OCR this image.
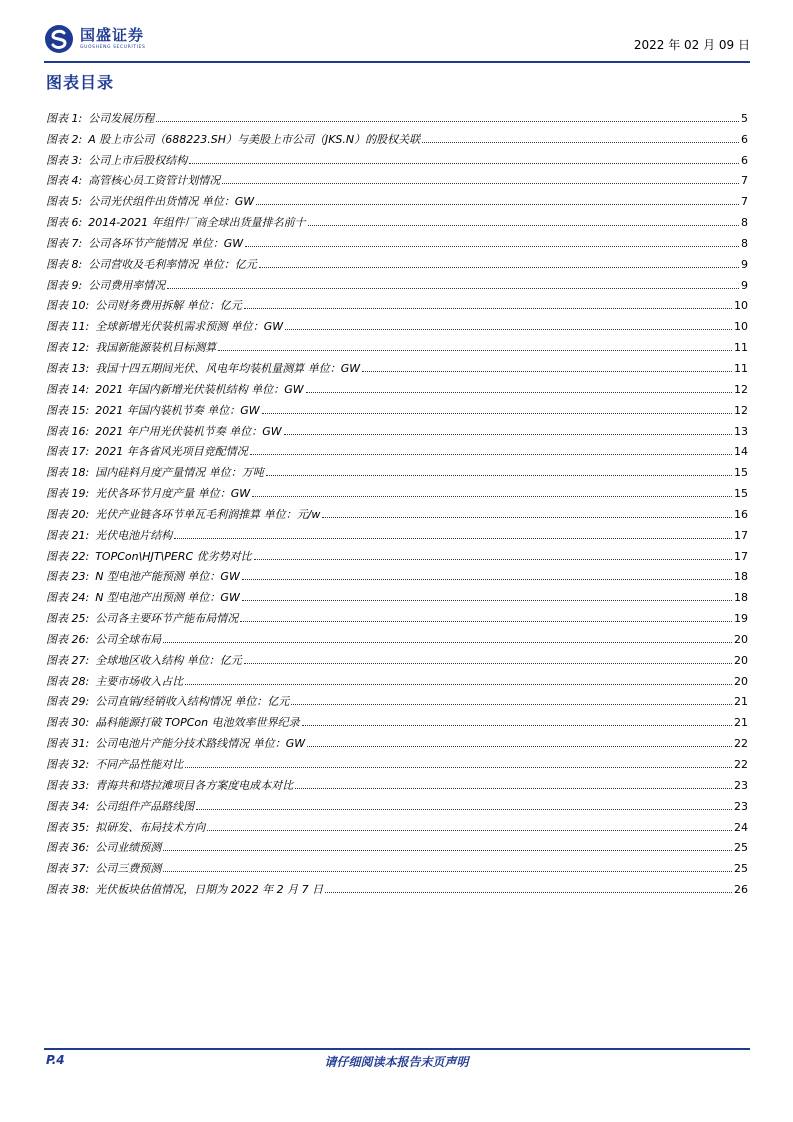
国盛证券
GUOSHENG SECURITIES	2022 年 02 月 09 日
图表目录
图表 1: 公司发展历程	5
图表 2: A 股上市公司（688223.SH）与美股上市公司（JKS.N）的股权关联	6
图表 3: 公司上市后股权结构	6
图表 4: 高管核心员工资管计划情况	7
图表 5: 公司光伏组件出货情况 单位：GW	7
图表 6: 2014-2021 年组件厂商全球出货量排名前十	8
图表 7: 公司各环节产能情况 单位：GW	8
图表 8: 公司营收及毛利率情况 单位：亿元	9
图表 9: 公司费用率情况	9
图表 10: 公司财务费用拆解 单位：亿元	10
图表 11: 全球新增光伏装机需求预测 单位：GW	10
图表 12: 我国新能源装机目标测算	11
图表 13: 我国十四五期间光伏、风电年均装机量测算 单位：GW	11
图表 14: 2021 年国内新增光伏装机结构 单位：GW	12
图表 15: 2021 年国内装机节奏 单位：GW	12
图表 16: 2021 年户用光伏装机节奏 单位：GW	13
图表 17: 2021 年各省风光项目竞配情况	14
图表 18: 国内硅料月度产量情况 单位：万吨	15
图表 19: 光伏各环节月度产量 单位：GW	15
图表 20: 光伏产业链各环节单瓦毛利润推算 单位：元/w	16
图表 21: 光伏电池片结构	17
图表 22: TOPCon\HJT\PERC 优劣势对比	17
图表 23: N 型电池产能预测 单位：GW	18
图表 24: N 型电池产出预测 单位：GW	18
图表 25: 公司各主要环节产能布局情况	19
图表 26: 公司全球布局	20
图表 27: 全球地区收入结构 单位：亿元	20
图表 28: 主要市场收入占比	20
图表 29: 公司直销/经销收入结构情况 单位：亿元	21
图表 30: 晶科能源打破 TOPCon 电池效率世界纪录	21
图表 31: 公司电池片产能分技术路线情况 单位：GW	22
图表 32: 不同产品性能对比	22
图表 33: 青海共和塔拉滩项目各方案度电成本对比	23
图表 34: 公司组件产品路线图	23
图表 35: 拟研发、布局技术方向	24
图表 36: 公司业绩预测	25
图表 37: 公司三费预测	25
图表 38: 光伏板块估值情况，日期为 2022 年 2 月 7 日	26
P.4	请仔细阅读本报告末页声明
